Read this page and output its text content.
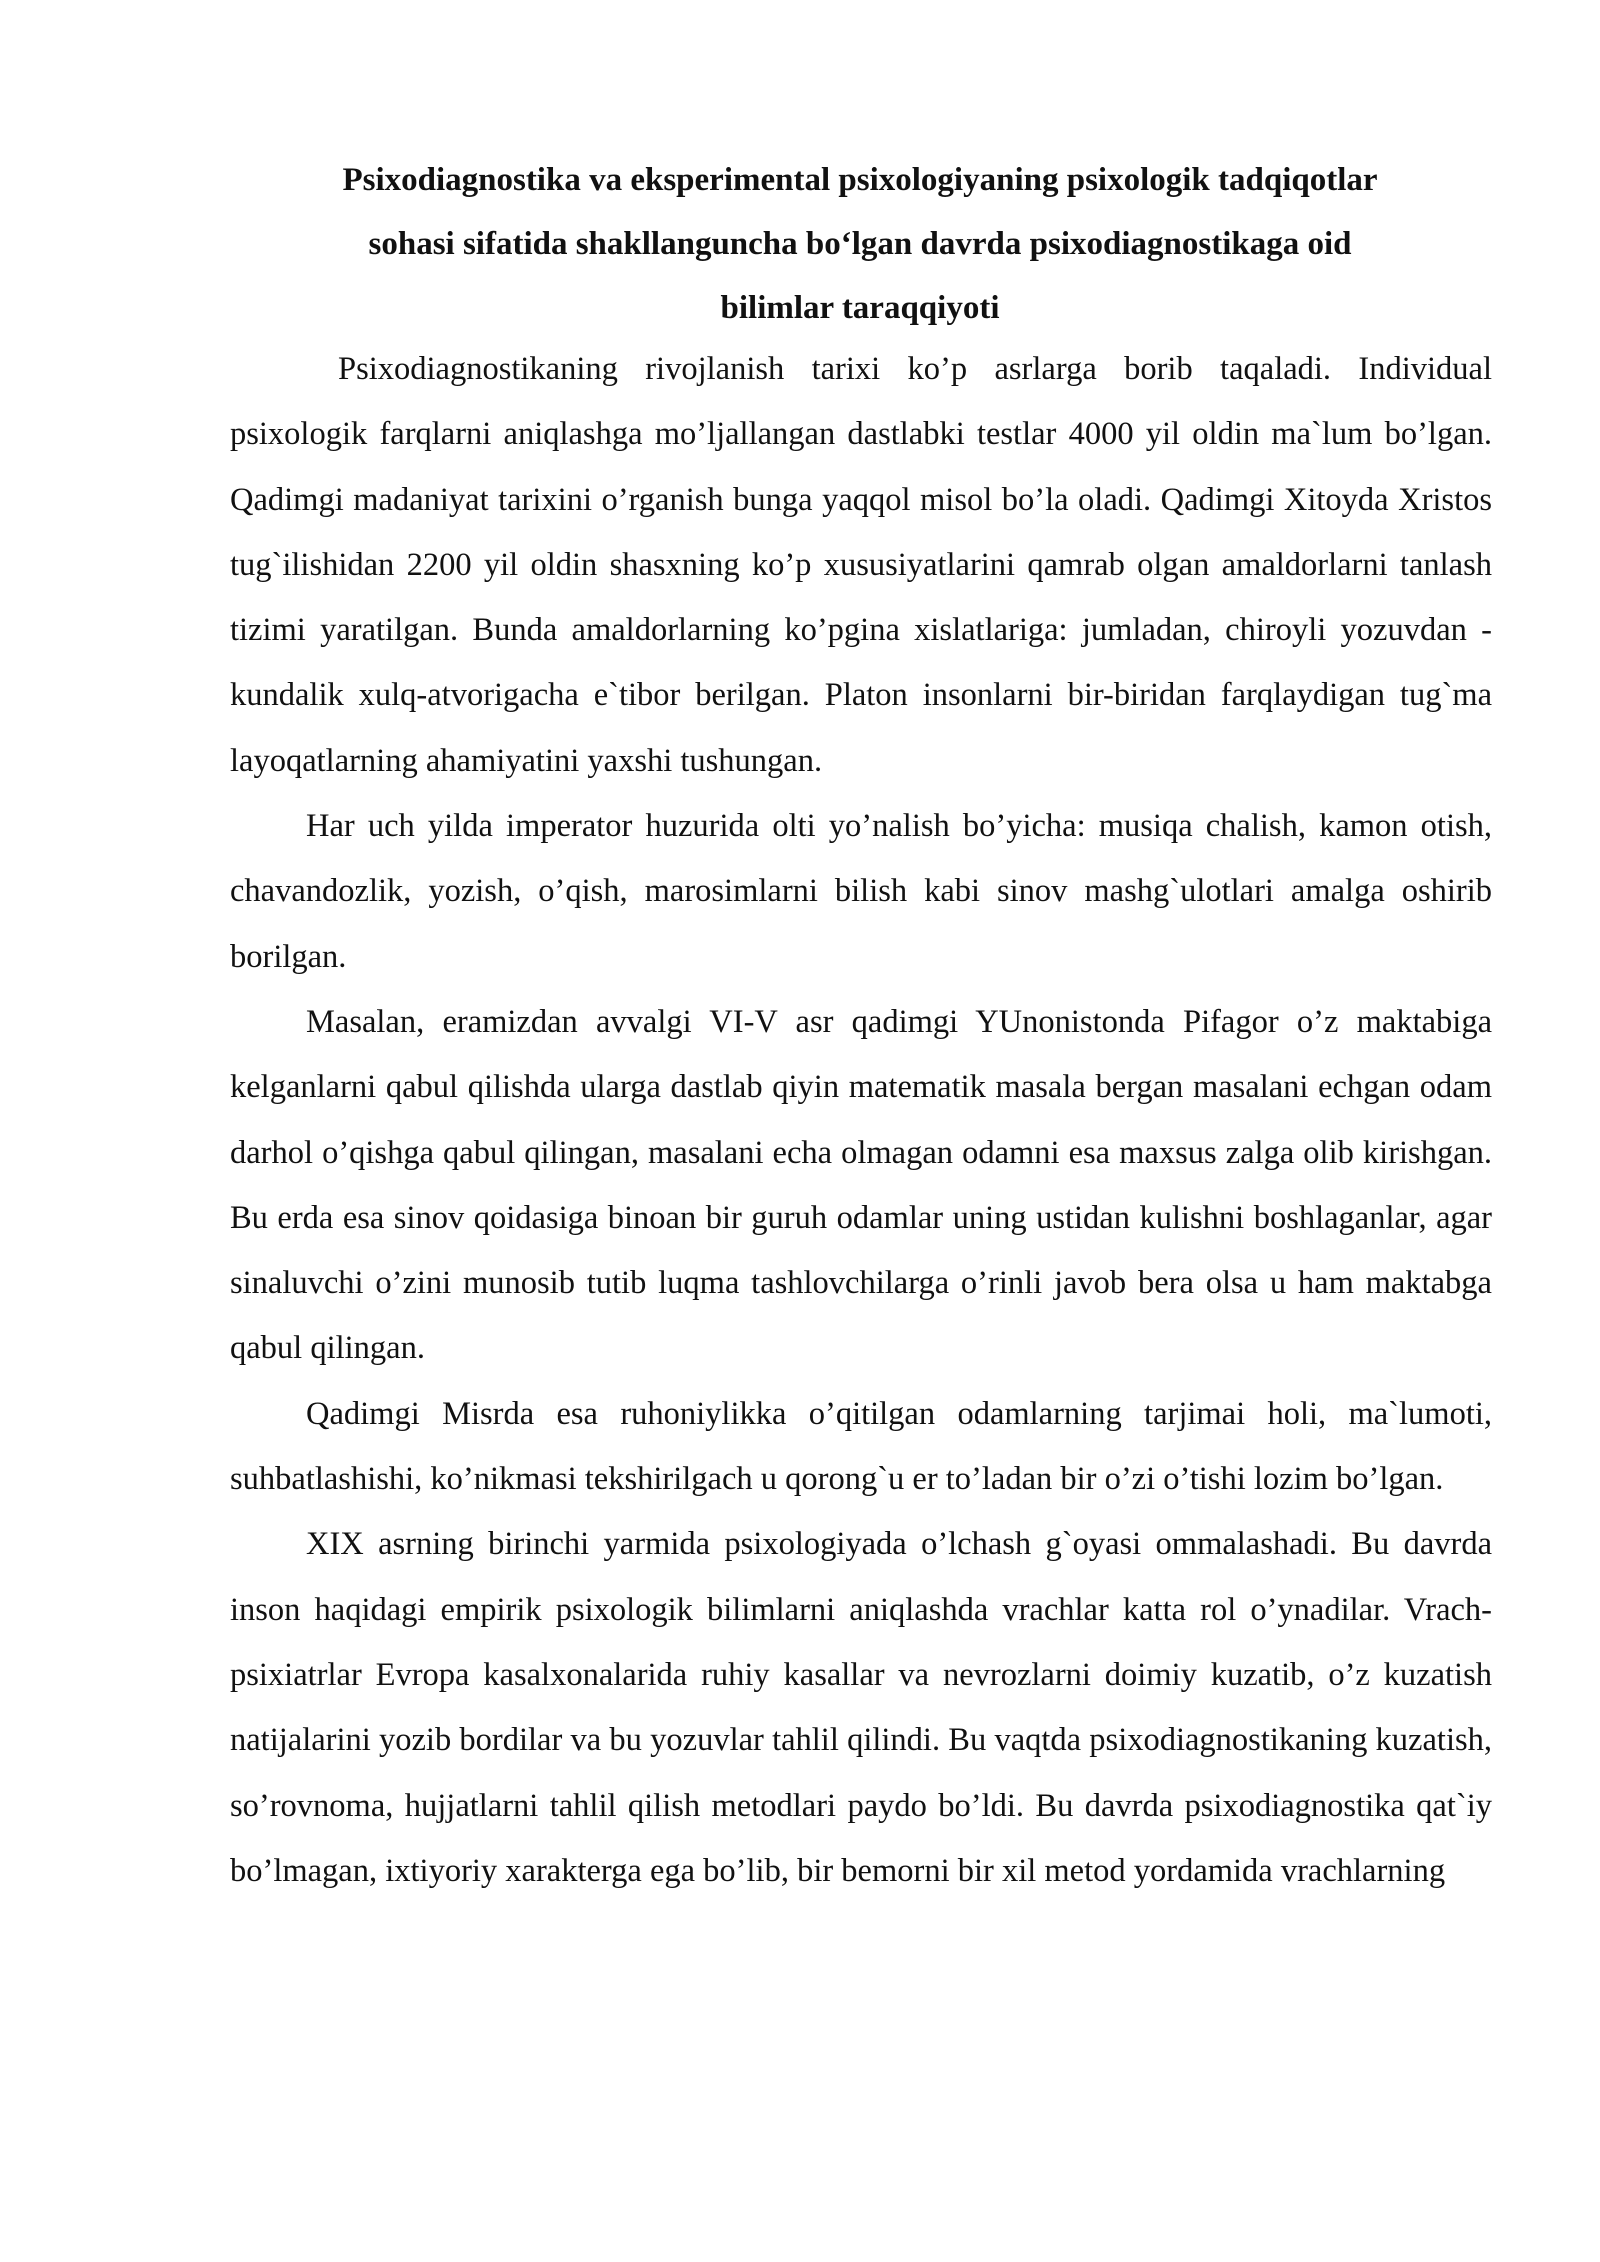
Psixodiagnostika va eksperimental psixologiyaning psixologik tadqiqotlar
sohasi sifatida shakllanguncha bo‘lgan davrda psixodiagnostikaga oid
bilimlar taraqqiyoti

Psixodiagnostikaning rivojlanish tarixi ko’p asrlarga borib taqaladi. Individual psixologik farqlarni aniqlashga mo’ljallangan dastlabki testlar 4000 yil oldin ma`lum bo’lgan. Qadimgi madaniyat tarixini o’rganish bunga yaqqol misol bo’la oladi. Qadimgi Xitoyda Xristos tug`ilishidan 2200 yil oldin shasxning ko’p xususiyatlarini qamrab olgan amaldorlarni tanlash tizimi yaratilgan. Bunda amaldorlarning ko’pgina xislatlariga: jumladan, chiroyli yozuvdan - kundalik xulq-atvorigacha e`tibor berilgan. Platon insonlarni bir-biridan farqlaydigan tug`ma layoqatlarning ahamiyatini yaxshi tushungan.

Har uch yilda imperator huzurida olti yo’nalish bo’yicha: musiqa chalish, kamon otish, chavandozlik, yozish, o’qish, marosimlarni bilish kabi sinov mashg`ulotlari amalga oshirib borilgan.

Masalan, eramizdan avvalgi VI-V asr qadimgi YUnonistonda Pifagor o’z maktabiga kelganlarni qabul qilishda ularga dastlab qiyin matematik masala bergan masalani echgan odam darhol o’qishga qabul qilingan, masalani echa olmagan odamni esa maxsus zalga olib kirishgan. Bu erda esa sinov qoidasiga binoan bir guruh odamlar uning ustidan kulishni boshlaganlar, agar sinaluvchi o’zini munosib tutib luqma tashlovchilarga o’rinli javob bera olsa u ham maktabga qabul qilingan.

Qadimgi Misrda esa ruhoniylikka o’qitilgan odamlarning tarjimai holi, ma`lumoti, suhbatlashishi, ko’nikmasi tekshirilgach u qorong`u er to’ladan bir o’zi o’tishi lozim bo’lgan.

XIX asrning birinchi yarmida psixologiyada o’lchash g`oyasi ommalashadi. Bu davrda inson haqidagi empirik psixologik bilimlarni aniqlashda vrachlar katta rol o’ynadilar. Vrach-psixiatrlar Evropa kasalxonalarida ruhiy kasallar va nevrozlarni doimiy kuzatib, o’z kuzatish natijalarini yozib bordilar va bu yozuvlar tahlil qilindi. Bu vaqtda psixodiagnostikaning kuzatish, so’rovnoma, hujjatlarni tahlil qilish metodlari paydo bo’ldi. Bu davrda psixodiagnostika qat`iy bo’lmagan, ixtiyoriy xarakterga ega bo’lib, bir bemorni bir xil metod yordamida vrachlarning
